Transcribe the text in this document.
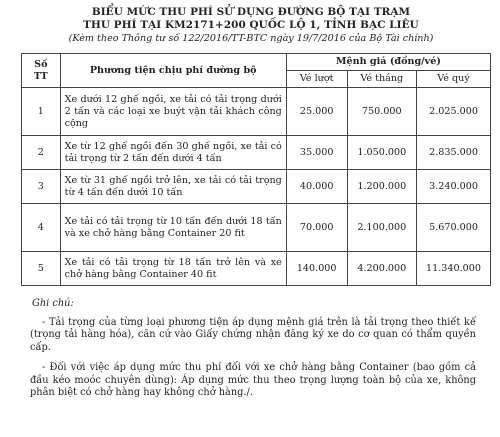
BIỂU MỨC THU PHÍ SỬ DỤNG ĐƯỜNG BỘ TẠI TRẠM
THU PHÍ TẠI KM2171+200 QUỐC LỘ 1, TỈNH BẠC LIÊU
(Kèm theo Thông tư số 122/2016/TT-BTC ngày 19/7/2016 của Bộ Tài chính)
Số TT	Phương tiện chịu phí đường bộ	Mệnh giá (đồng/vé)		
		Vé lượt	Vé tháng	Vé quý
1	Xe dưới 12 ghế ngồi, xe tải có tải trọng dưới 2 tấn và các loại xe buýt vận tải khách công cộng	25.000	750.000	2.025.000
2	Xe từ 12 ghế ngồi đến 30 ghế ngồi, xe tải có tải trọng từ 2 tấn đến dưới 4 tấn	35.000	1.050.000	2.835.000
3	Xe từ 31 ghế ngồi trở lên, xe tải có tải trọng từ 4 tấn đến dưới 10 tấn	40.000	1.200.000	3.240.000
4	Xe tải có tải trọng từ 10 tấn đến dưới 18 tấn và xe chở hàng bằng Container 20 fit	70.000	2.100.000	5.670.000
5	Xe tải có tải trọng từ 18 tấn trở lên và xe chở hàng bằng Container 40 fit	140.000	4.200.000	11.340.000
Ghi chú:

- Tải trọng của từng loại phương tiện áp dụng mệnh giá trên là tải trọng theo thiết kế (trọng tải hàng hóa), căn cứ vào Giấy chứng nhận đăng ký xe do cơ quan có thẩm quyền cấp.

- Đối với việc áp dụng mức thu phí đối với xe chở hàng bằng Container (bao gồm cả đầu kéo moóc chuyên dùng): Áp dụng mức thu theo trọng lượng toàn bộ của xe, không phân biệt có chở hàng hay không chở hàng./.
